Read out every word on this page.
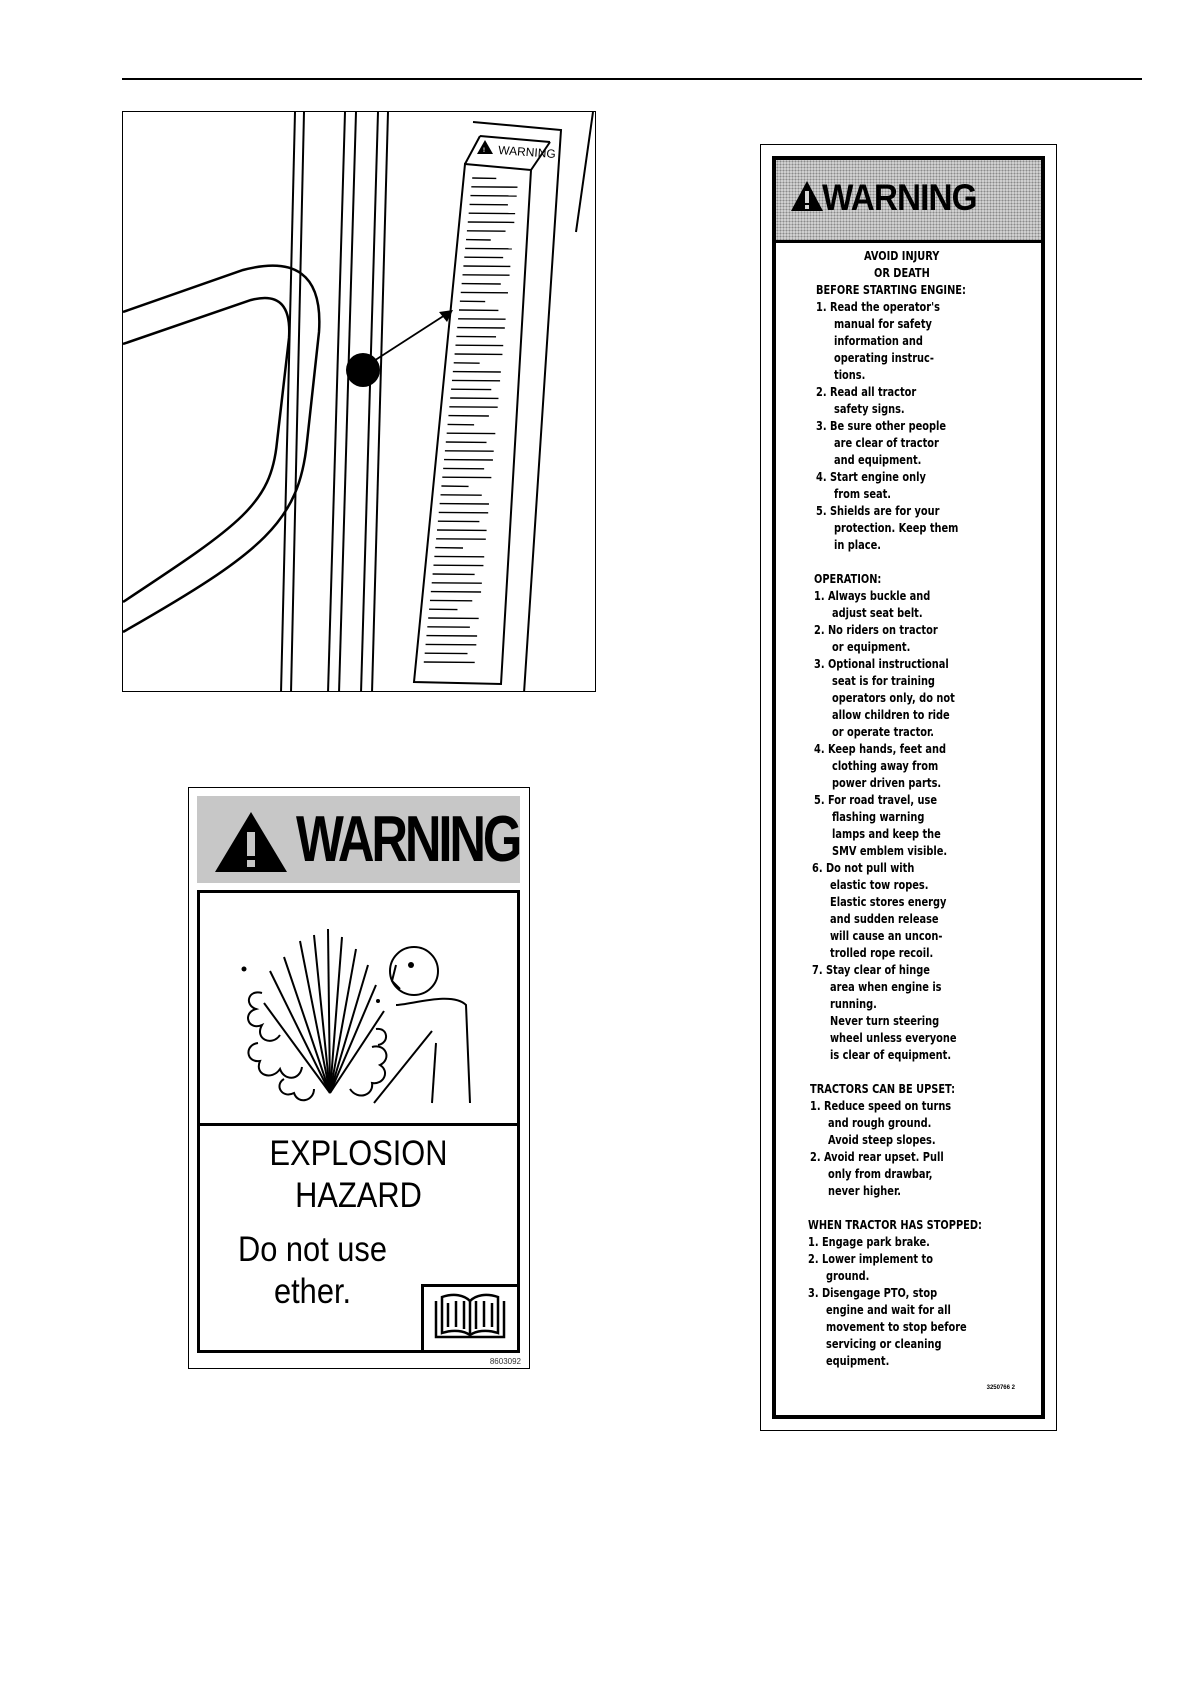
! WARNING
WARNING
EXPLOSION
HAZARD
Do not use
ether.
8603092
WARNING
AVOID INJURY
OR DEATH
BEFORE STARTING ENGINE:
1. Read the operator's
manual for safety
information and
operating instruc-
tions.
2. Read all tractor
safety signs.
3. Be sure other people
are clear of tractor
and equipment.
4. Start engine only
from seat.
5. Shields are for your
protection. Keep them
in place.
OPERATION:
1. Always buckle and
adjust seat belt.
2. No riders on tractor
or equipment.
3. Optional instructional
seat is for training
operators only, do not
allow children to ride
or operate tractor.
4. Keep hands, feet and
clothing away from
power driven parts.
5. For road travel, use
flashing warning
lamps and keep the
SMV emblem visible.
6. Do not pull with
elastic tow ropes.
Elastic stores energy
and sudden release
will cause an uncon-
trolled rope recoil.
7. Stay clear of hinge
area when engine is
running.
Never turn steering
wheel unless everyone
is clear of equipment.
TRACTORS CAN BE UPSET:
1. Reduce speed on turns
and rough ground.
Avoid steep slopes.
2. Avoid rear upset. Pull
only from drawbar,
never higher.
WHEN TRACTOR HAS STOPPED:
1. Engage park brake.
2. Lower implement to
ground.
3. Disengage PTO, stop
engine and wait for all
movement to stop before
servicing or cleaning
equipment.
3250766 2
